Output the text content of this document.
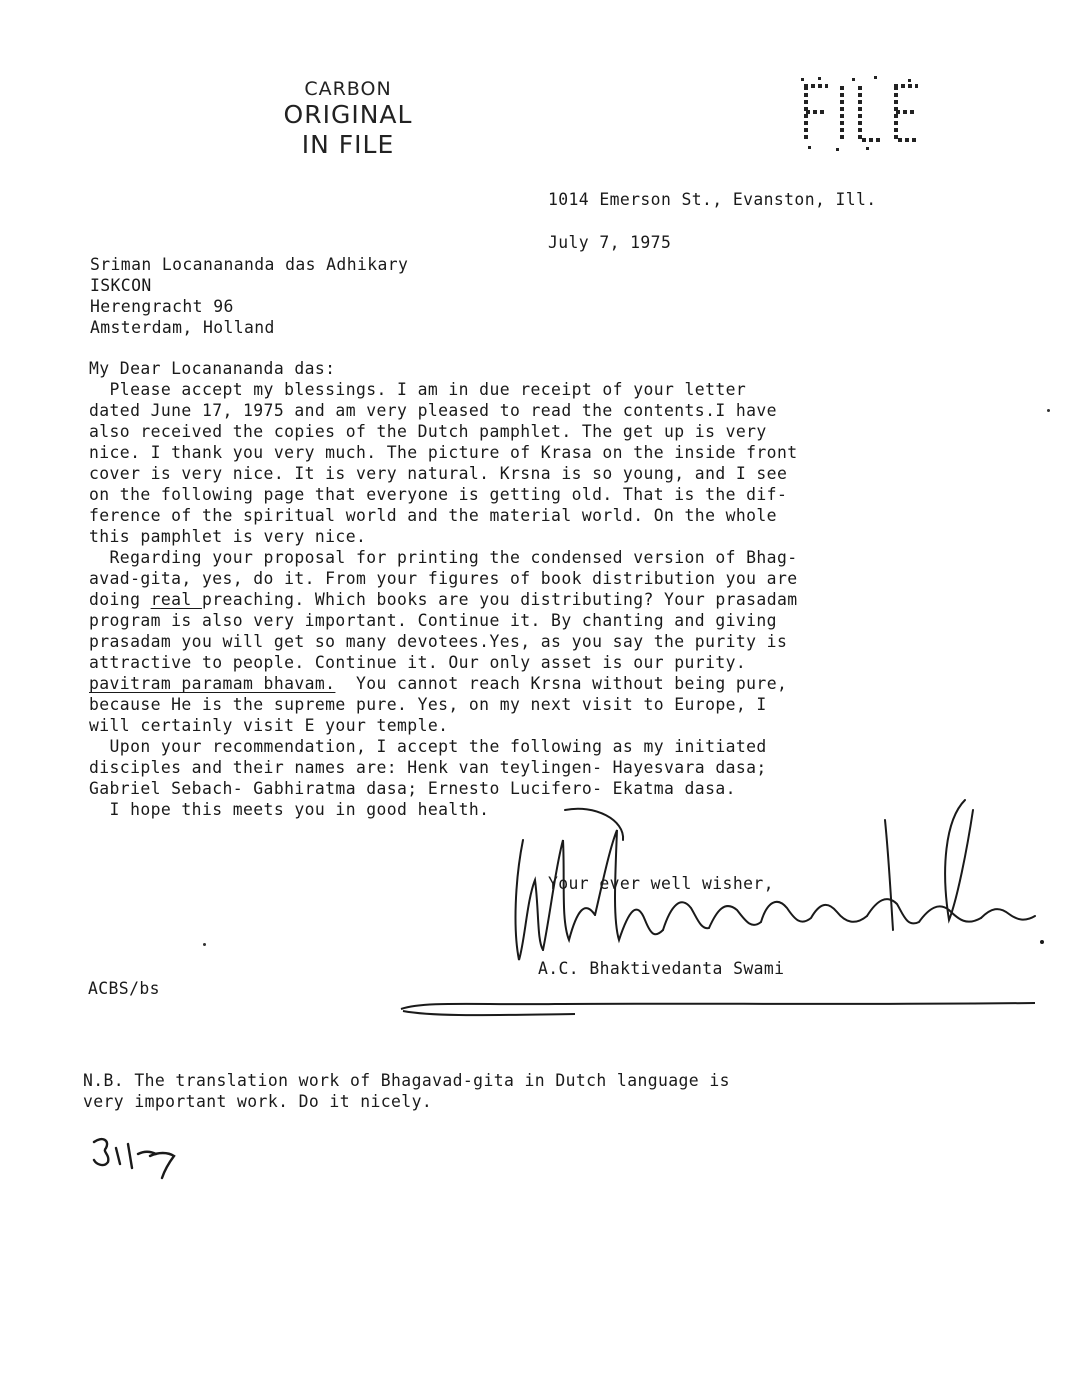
CARBON
ORIGINAL
IN FILE
1014 Emerson St., Evanston, Ill.
July 7, 1975
Sriman Locanananda das Adhikary
ISKCON
Herengracht 96
Amsterdam, Holland
My Dear Locanananda das:
Please accept my blessings. I am in due receipt of your letter
dated June 17, 1975 and am very pleased to read the contents.I have
also received the copies of the Dutch pamphlet. The get up is very
nice. I thank you very much. The picture of Krasa on the inside front
cover is very nice. It is very natural. Krsna is so young, and I see
on the following page that everyone is getting old. That is the dif-
ference of the spiritual world and the material world. On the whole
this pamphlet is very nice.
Regarding your proposal for printing the condensed version of Bhag-
avad-gita, yes, do it. From your figures of book distribution you are
doing real preaching. Which books are you distributing? Your prasadam
program is also very important. Continue it. By chanting and giving
prasadam you will get so many devotees.Yes, as you say the purity is
attractive to people. Continue it. Our only asset is our purity.
pavitram paramam bhavam.  You cannot reach Krsna without being pure,
because He is the supreme pure. Yes, on my next visit to Europe, I
will certainly visit E your temple.
Upon your recommendation, I accept the following as my initiated
disciples and their names are: Henk van teylingen- Hayesvara dasa;
Gabriel Sebach- Gabhiratma dasa; Ernesto Lucifero- Ekatma dasa.
I hope this meets you in good health.
Your ever well wisher,
A.C. Bhaktivedanta Swami
ACBS/bs
N.B. The translation work of Bhagavad-gita in Dutch language is
very important work. Do it nicely.
